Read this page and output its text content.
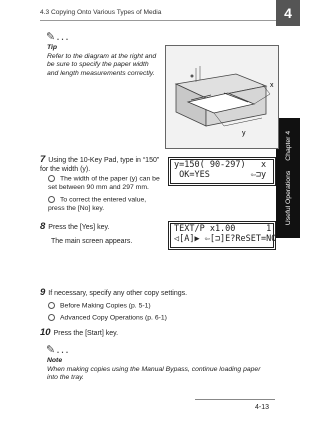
4.3 Copying Onto Various Types of Media	4
Useful Operations
Chapter 4
✎...
Tip
Refer to the diagram at the right and be sure to specify the paper width and length measurements correctly.
x
y
7 Using the 10-Key Pad, type in “150” for the width (y).
The width of the paper (y) can be set between 90 mm and 297 mm.
To correct the entered value, press the [No] key.
y=150( 90-297)   x
OK=YES        ⇦⊐y
8 Press the [Yes] key.
The main screen appears.
TEXT/P x1.00      1
◁[A]▶ ⇦[⊐]E?ReSET=NO
9 If necessary, specify any other copy settings.
Before Making Copies (p. 5-1)
Advanced Copy Operations (p. 6-1)
10 Press the [Start] key.
✎...
Note
When making copies using the Manual Bypass, continue loading paper into the tray.
4-13
